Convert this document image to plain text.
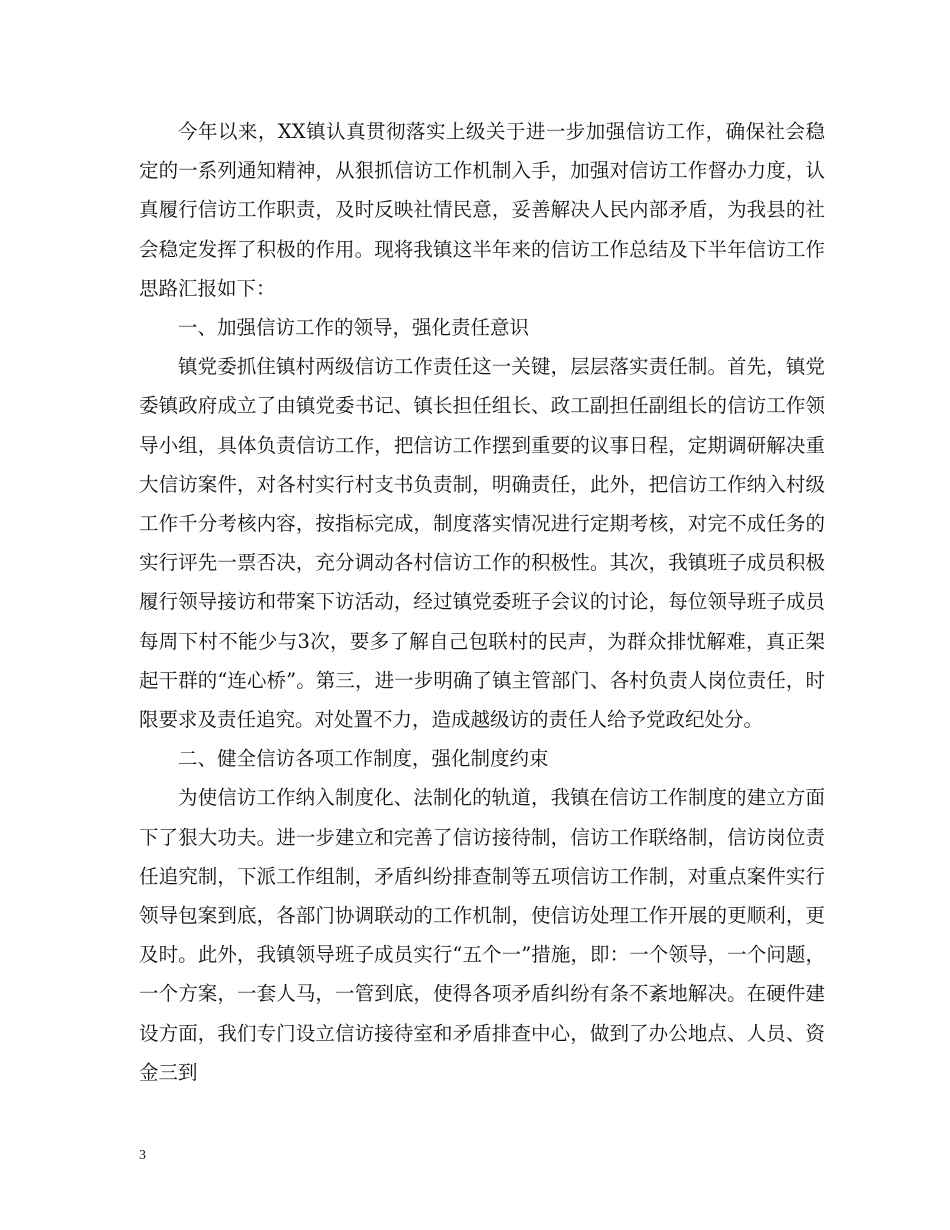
今年以来，XX镇认真贯彻落实上级关于进一步加强信访工作，确保社会稳定的一系列通知精神，从狠抓信访工作机制入手，加强对信访工作督办力度，认真履行信访工作职责，及时反映社情民意，妥善解决人民内部矛盾，为我县的社会稳定发挥了积极的作用。现将我镇这半年来的信访工作总结及下半年信访工作思路汇报如下：

一、加强信访工作的领导，强化责任意识

镇党委抓住镇村两级信访工作责任这一关键，层层落实责任制。首先，镇党委镇政府成立了由镇党委书记、镇长担任组长、政工副担任副组长的信访工作领导小组，具体负责信访工作，把信访工作摆到重要的议事日程，定期调研解决重大信访案件，对各村实行村支书负责制，明确责任，此外，把信访工作纳入村级工作千分考核内容，按指标完成，制度落实情况进行定期考核，对完不成任务的实行评先一票否决，充分调动各村信访工作的积极性。其次，我镇班子成员积极履行领导接访和带案下访活动，经过镇党委班子会议的讨论，每位领导班子成员每周下村不能少与3次，要多了解自己包联村的民声，为群众排忧解难，真正架起干群的“连心桥”。第三，进一步明确了镇主管部门、各村负责人岗位责任，时限要求及责任追究。对处置不力，造成越级访的责任人给予党政纪处分。

二、健全信访各项工作制度，强化制度约束

为使信访工作纳入制度化、法制化的轨道，我镇在信访工作制度的建立方面下了狠大功夫。进一步建立和完善了信访接待制，信访工作联络制，信访岗位责任追究制，下派工作组制，矛盾纠纷排查制等五项信访工作制，对重点案件实行领导包案到底，各部门协调联动的工作机制，使信访处理工作开展的更顺利，更及时。此外，我镇领导班子成员实行“五个一”措施，即：一个领导，一个问题，一个方案，一套人马，一管到底，使得各项矛盾纠纷有条不紊地解决。在硬件建设方面，我们专门设立信访接待室和矛盾排查中心，做到了办公地点、人员、资金三到

3
